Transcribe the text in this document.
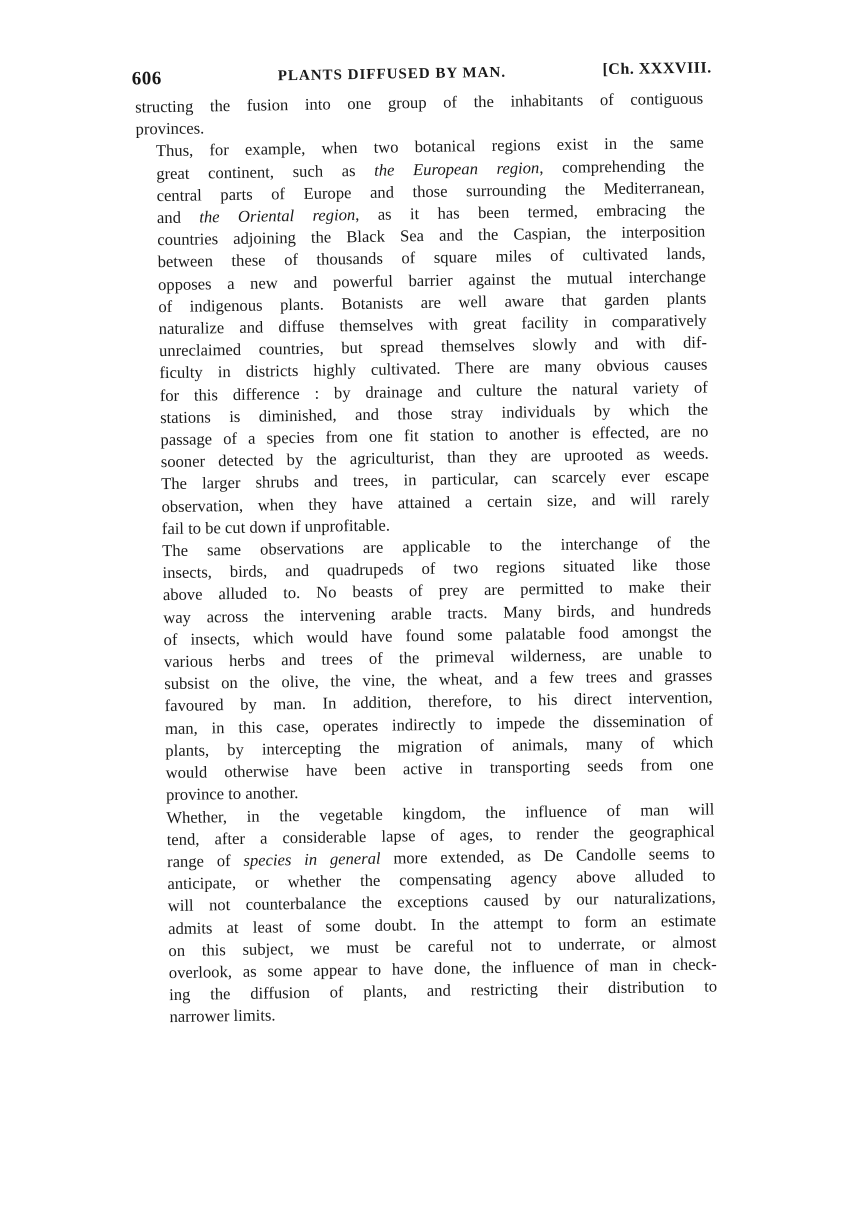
606	PLANTS DIFFUSED BY MAN.	[Ch. XXXVIII.

structing the fusion into one group of the inhabitants of contiguous
provinces.

Thus, for example, when two botanical regions exist in the same
great continent, such as the European region, comprehending the
central parts of Europe and those surrounding the Mediterranean,
and the Oriental region, as it has been termed, embracing the
countries adjoining the Black Sea and the Caspian, the interposition
between these of thousands of square miles of cultivated lands,
opposes a new and powerful barrier against the mutual interchange
of indigenous plants. Botanists are well aware that garden plants
naturalize and diffuse themselves with great facility in comparatively
unreclaimed countries, but spread themselves slowly and with dif-
ficulty in districts highly cultivated. There are many obvious causes
for this difference : by drainage and culture the natural variety of
stations is diminished, and those stray individuals by which the
passage of a species from one fit station to another is effected, are no
sooner detected by the agriculturist, than they are uprooted as weeds.
The larger shrubs and trees, in particular, can scarcely ever escape
observation, when they have attained a certain size, and will rarely
fail to be cut down if unprofitable.

The same observations are applicable to the interchange of the
insects, birds, and quadrupeds of two regions situated like those
above alluded to. No beasts of prey are permitted to make their
way across the intervening arable tracts. Many birds, and hundreds
of insects, which would have found some palatable food amongst the
various herbs and trees of the primeval wilderness, are unable to
subsist on the olive, the vine, the wheat, and a few trees and grasses
favoured by man. In addition, therefore, to his direct intervention,
man, in this case, operates indirectly to impede the dissemination of
plants, by intercepting the migration of animals, many of which
would otherwise have been active in transporting seeds from one
province to another.

Whether, in the vegetable kingdom, the influence of man will
tend, after a considerable lapse of ages, to render the geographical
range of species in general more extended, as De Candolle seems to
anticipate, or whether the compensating agency above alluded to
will not counterbalance the exceptions caused by our naturalizations,
admits at least of some doubt. In the attempt to form an estimate
on this subject, we must be careful not to underrate, or almost
overlook, as some appear to have done, the influence of man in check-
ing the diffusion of plants, and restricting their distribution to
narrower limits.
